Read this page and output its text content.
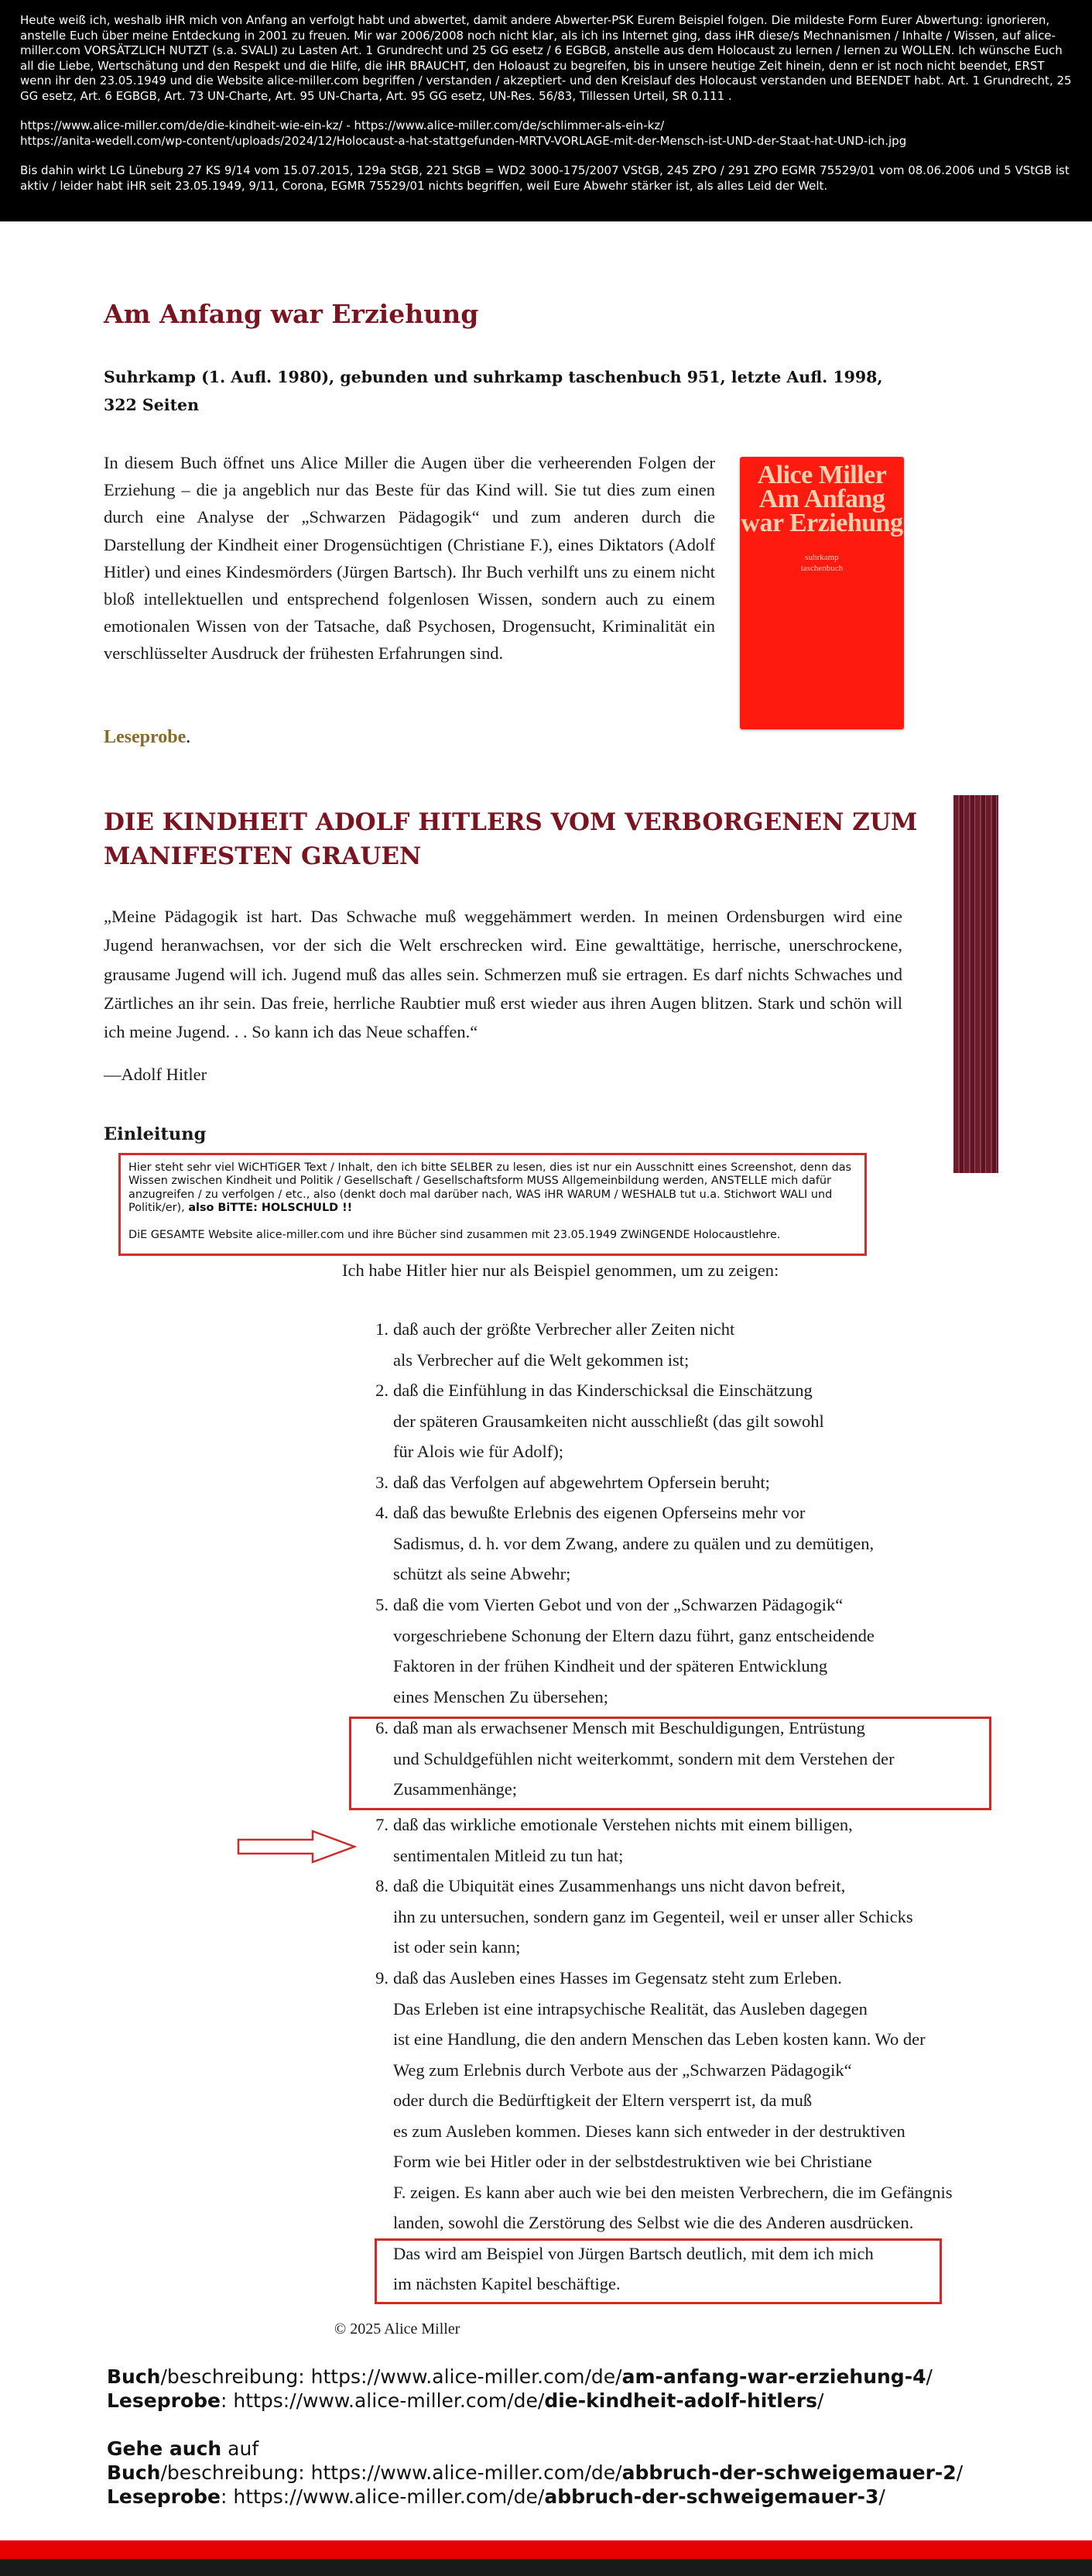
Heute weiß ich, weshalb iHR mich von Anfang an verfolgt habt und abwertet, damit andere Abwerter-PSK Eurem Beispiel folgen. Die mildeste Form Eurer Abwertung: ignorieren, anstelle Euch über meine Entdeckung in 2001 zu freuen. Mir war 2006/2008 noch nicht klar, als ich ins Internet ging, dass iHR diese/s Mechnanismen / Inhalte / Wissen, auf alice-miller.com VORSÄTZLICH NUTZT (s.a. SVALI) zu Lasten Art. 1 Grundrecht und 25 GG esetz / 6 EGBGB, anstelle aus dem Holocaust zu lernen / lernen zu WOLLEN. Ich wünsche Euch all die Liebe, Wertschätung und den Respekt und die Hilfe, die iHR BRAUCHT, den Holoaust zu begreifen, bis in unsere heutige Zeit hinein, denn er ist noch nicht beendet, ERST wenn ihr den 23.05.1949 und die Website alice-miller.com begriffen / verstanden / akzeptiert- und den Kreislauf des Holocaust verstanden und BEENDET habt. Art. 1 Grundrecht, 25 GG esetz, Art. 6 EGBGB, Art. 73 UN-Charte, Art. 95 UN-Charta, Art. 95 GG esetz, UN-Res. 56/83, Tillessen Urteil, SR 0.111 .

https://www.alice-miller.com/de/die-kindheit-wie-ein-kz/ - https://www.alice-miller.com/de/schlimmer-als-ein-kz/
https://anita-wedell.com/wp-content/uploads/2024/12/Holocaust-a-hat-stattgefunden-MRTV-VORLAGE-mit-der-Mensch-ist-UND-der-Staat-hat-UND-ich.jpg

Bis dahin wirkt LG Lüneburg 27 KS 9/14 vom 15.07.2015, 129a StGB, 221 StGB = WD2 3000-175/2007 VStGB, 245 ZPO / 291 ZPO EGMR 75529/01 vom 08.06.2006 und 5 VStGB ist aktiv / leider habt iHR seit 23.05.1949, 9/11, Corona, EGMR 75529/01 nichts begriffen, weil Eure Abwehr stärker ist, als alles Leid der Welt.

Am Anfang war Erziehung

Suhrkamp (1. Aufl. 1980), gebunden und suhrkamp taschenbuch 951, letzte Aufl. 1998, 322 Seiten

In diesem Buch öffnet uns Alice Miller die Augen über die verheerenden Folgen der Erziehung – die ja angeblich nur das Beste für das Kind will. Sie tut dies zum einen durch eine Analyse der „Schwarzen Pädagogik“ und zum anderen durch die Darstellung der Kindheit einer Drogensüchtigen (Christiane F.), eines Diktators (Adolf Hitler) und eines Kindesmörders (Jürgen Bartsch). Ihr Buch verhilft uns zu einem nicht bloß intellektuellen und entsprechend folgenlosen Wissen, sondern auch zu einem emotionalen Wissen von der Tatsache, daß Psychosen, Drogensucht, Kriminalität ein verschlüsselter Ausdruck der frühesten Erfahrungen sind.

Alice Miller
Am Anfang
war Erziehung
suhrkamp
taschenbuch

Leseprobe.

DIE KINDHEIT ADOLF HITLERS VOM VERBORGENEN ZUM MANIFESTEN GRAUEN

„Meine Pädagogik ist hart. Das Schwache muß weggehämmert werden. In meinen Ordensburgen wird eine Jugend heranwachsen, vor der sich die Welt erschrecken wird. Eine gewalttätige, herrische, unerschrockene, grausame Jugend will ich. Jugend muß das alles sein. Schmerzen muß sie ertragen. Es darf nichts Schwaches und Zärtliches an ihr sein. Das freie, herrliche Raubtier muß erst wieder aus ihren Augen blitzen. Stark und schön will ich meine Jugend. . . So kann ich das Neue schaffen.“

—Adolf Hitler

Einleitung

Hier steht sehr viel WiCHTiGER Text / Inhalt, den ich bitte SELBER zu lesen, dies ist nur ein Ausschnitt eines Screenshot, denn das Wissen zwischen Kindheit und Politik / Gesellschaft / Gesellschaftsform MUSS Allgemeinbildung werden, ANSTELLE mich dafür anzugreifen / zu verfolgen / etc., also (denkt doch mal darüber nach, WAS iHR WARUM / WESHALB tut u.a. Stichwort WALI und Politik/er), also BiTTE: HOLSCHULD !!

DiE GESAMTE Website alice-miller.com und ihre Bücher sind zusammen mit 23.05.1949 ZWiNGENDE Holocaustlehre.

Ich habe Hitler hier nur als Beispiel genommen, um zu zeigen:

1. daß auch der größte Verbrecher aller Zeiten nicht
als Verbrecher auf die Welt gekommen ist;
2. daß die Einfühlung in das Kinderschicksal die Einschätzung
der späteren Grausamkeiten nicht ausschließt (das gilt sowohl
für Alois wie für Adolf);
3. daß das Verfolgen auf abgewehrtem Opfersein beruht;
4. daß das bewußte Erlebnis des eigenen Opferseins mehr vor
Sadismus, d. h. vor dem Zwang, andere zu quälen und zu demütigen,
schützt als seine Abwehr;
5. daß die vom Vierten Gebot und von der „Schwarzen Pädagogik“
vorgeschriebene Schonung der Eltern dazu führt, ganz entscheidende
Faktoren in der frühen Kindheit und der späteren Entwicklung
eines Menschen Zu übersehen;
6. daß man als erwachsener Mensch mit Beschuldigungen, Entrüstung
und Schuldgefühlen nicht weiterkommt, sondern mit dem Verstehen der
Zusammenhänge;
7. daß das wirkliche emotionale Verstehen nichts mit einem billigen,
sentimentalen Mitleid zu tun hat;
8. daß die Ubiquität eines Zusammenhangs uns nicht davon befreit,
ihn zu untersuchen, sondern ganz im Gegenteil, weil er unser aller Schicks
ist oder sein kann;
9. daß das Ausleben eines Hasses im Gegensatz steht zum Erleben.
Das Erleben ist eine intrapsychische Realität, das Ausleben dagegen
ist eine Handlung, die den andern Menschen das Leben kosten kann. Wo der
Weg zum Erlebnis durch Verbote aus der „Schwarzen Pädagogik“
oder durch die Bedürftigkeit der Eltern versperrt ist, da muß
es zum Ausleben kommen. Dieses kann sich entweder in der destruktiven
Form wie bei Hitler oder in der selbstdestruktiven wie bei Christiane
F. zeigen. Es kann aber auch wie bei den meisten Verbrechern, die im Gefängnis
landen, sowohl die Zerstörung des Selbst wie die des Anderen ausdrücken.
Das wird am Beispiel von Jürgen Bartsch deutlich, mit dem ich mich
im nächsten Kapitel beschäftige.

© 2025 Alice Miller

Buch/beschreibung: https://www.alice-miller.com/de/am-anfang-war-erziehung-4/
Leseprobe: https://www.alice-miller.com/de/die-kindheit-adolf-hitlers/
Gehe auch auf
Buch/beschreibung: https://www.alice-miller.com/de/abbruch-der-schweigemauer-2/
Leseprobe: https://www.alice-miller.com/de/abbruch-der-schweigemauer-3/
